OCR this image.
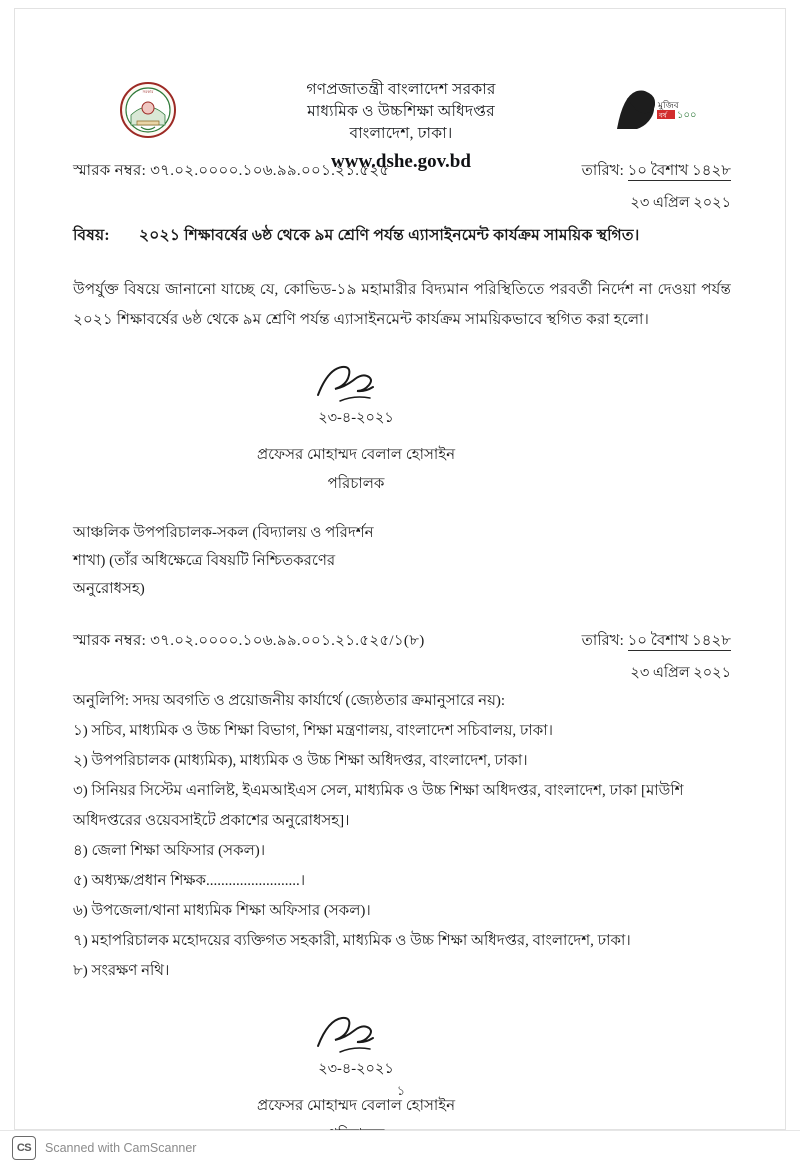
সরকার
মুজিব
বর্ষ ১০০
গণপ্রজাতন্ত্রী বাংলাদেশ সরকার
মাধ্যমিক ও উচ্চশিক্ষা অধিদপ্তর
বাংলাদেশ, ঢাকা।
www.dshe.gov.bd
স্মারক নম্বর: ৩৭.০২.০০০০.১০৬.৯৯.০০১.২১.৫২৫	তারিখ: ১০ বৈশাখ ১৪২৮
২৩ এপ্রিল ২০২১
বিষয়: ২০২১ শিক্ষাবর্ষের ৬ষ্ঠ থেকে ৯ম শ্রেণি পর্যন্ত এ্যাসাইনমেন্ট কার্যক্রম সাময়িক স্থগিত।
উপর্যুক্ত বিষয়ে জানানো যাচ্ছে যে, কোভিড-১৯ মহামারীর বিদ্যমান পরিস্থিতিতে পরবর্তী নির্দেশ না দেওয়া পর্যন্ত ২০২১ শিক্ষাবর্ষের ৬ষ্ঠ থেকে ৯ম শ্রেণি পর্যন্ত এ্যাসাইনমেন্ট কার্যক্রম সাময়িকভাবে স্থগিত করা হলো।
২৩-৪-২০২১
প্রফেসর মোহাম্মদ বেলাল হোসাইন
পরিচালক
আঞ্চলিক উপপরিচালক-সকল (বিদ্যালয় ও পরিদর্শন
শাখা) (তাঁর অধিক্ষেত্রে বিষয়টি নিশ্চিতকরণের
অনুরোধসহ)
স্মারক নম্বর: ৩৭.০২.০০০০.১০৬.৯৯.০০১.২১.৫২৫/১(৮)	তারিখ: ১০ বৈশাখ ১৪২৮
২৩ এপ্রিল ২০২১
অনুলিপি: সদয় অবগতি ও প্রয়োজনীয় কার্যার্থে (জ্যেষ্ঠতার ক্রমানুসারে নয়):
১) সচিব, মাধ্যমিক ও উচ্চ শিক্ষা বিভাগ, শিক্ষা মন্ত্রণালয়, বাংলাদেশ সচিবালয়, ঢাকা।
২) উপপরিচালক (মাধ্যমিক), মাধ্যমিক ও উচ্চ শিক্ষা অধিদপ্তর, বাংলাদেশ, ঢাকা।
৩) সিনিয়র সিস্টেম এনালিষ্ট, ইএমআইএস সেল, মাধ্যমিক ও উচ্চ শিক্ষা অধিদপ্তর, বাংলাদেশ, ঢাকা [মাউশি
অধিদপ্তরের ওয়েবসাইটে প্রকাশের অনুরোধসহ]।
৪) জেলা শিক্ষা অফিসার (সকল)।
৫) অধ্যক্ষ/প্রধান শিক্ষক.........................।
৬) উপজেলা/থানা মাধ্যমিক শিক্ষা অফিসার (সকল)।
৭) মহাপরিচালক মহোদয়ের ব্যক্তিগত সহকারী, মাধ্যমিক ও উচ্চ শিক্ষা অধিদপ্তর, বাংলাদেশ, ঢাকা।
৮) সংরক্ষণ নথি।
২৩-৪-২০২১
প্রফেসর মোহাম্মদ বেলাল হোসাইন
১
CS	Scanned with CamScanner
